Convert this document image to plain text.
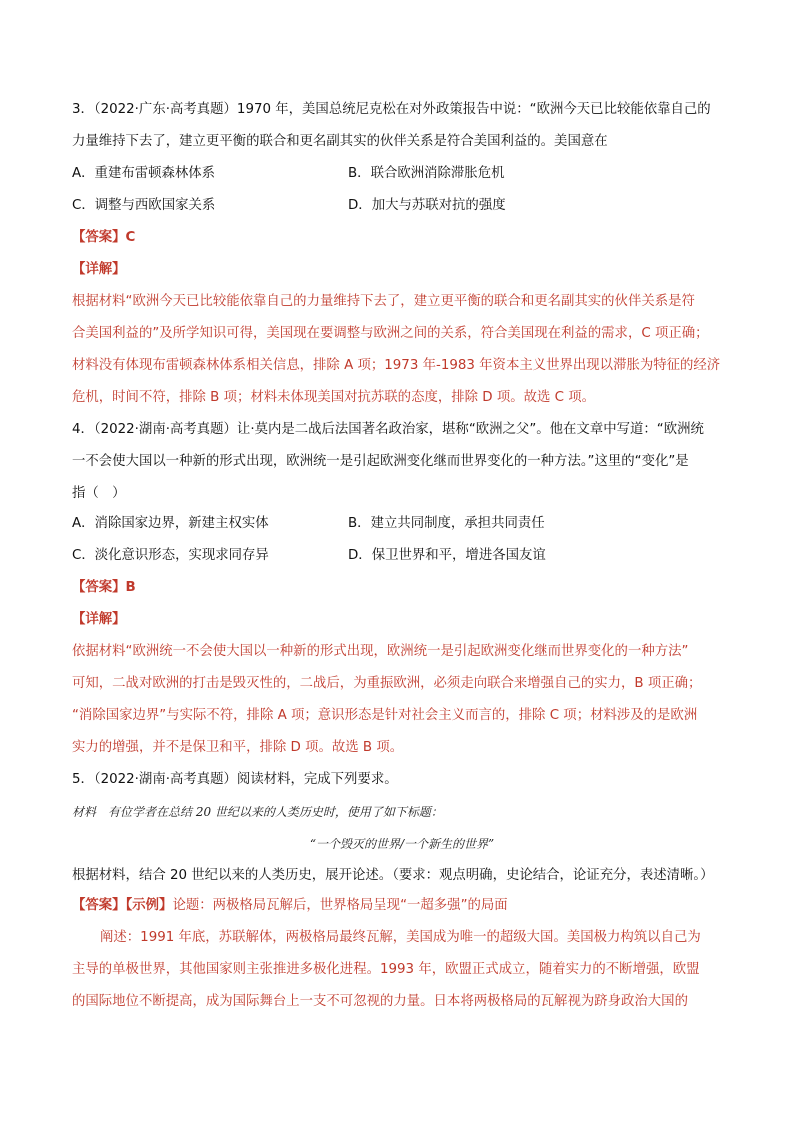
3．（2022·广东·高考真题）1970 年，美国总统尼克松在对外政策报告中说：“欧洲今天已比较能依靠自己的
力量维持下去了，建立更平衡的联合和更名副其实的伙伴关系是符合美国利益的。美国意在
A．重建布雷顿森林体系	B．联合欧洲消除滞胀危机
C．调整与西欧国家关系	D．加大与苏联对抗的强度
【答案】C
【详解】
根据材料“欧洲今天已比较能依靠自己的力量维持下去了，建立更平衡的联合和更名副其实的伙伴关系是符
合美国利益的”及所学知识可得，美国现在要调整与欧洲之间的关系，符合美国现在利益的需求，C 项正确；
材料没有体现布雷顿森林体系相关信息，排除 A 项；1973 年-1983 年资本主义世界出现以滞胀为特征的经济
危机，时间不符，排除 B 项；材料未体现美国对抗苏联的态度，排除 D 项。故选 C 项。
4．（2022·湖南·高考真题）让·莫内是二战后法国著名政治家，堪称“欧洲之父”。他在文章中写道：“欧洲统
一不会使大国以一种新的形式出现，欧洲统一是引起欧洲变化继而世界变化的一种方法。”这里的“变化”是
指（　）
A．消除国家边界，新建主权实体	B．建立共同制度，承担共同责任
C．淡化意识形态，实现求同存异	D．保卫世界和平，增进各国友谊
【答案】B
【详解】
依据材料“欧洲统一不会使大国以一种新的形式出现，欧洲统一是引起欧洲变化继而世界变化的一种方法”
可知，二战对欧洲的打击是毁灭性的，二战后，为重振欧洲，必须走向联合来增强自己的实力，B 项正确；
“消除国家边界”与实际不符，排除 A 项；意识形态是针对社会主义而言的，排除 C 项；材料涉及的是欧洲
实力的增强，并不是保卫和平，排除 D 项。故选 B 项。
5．（2022·湖南·高考真题）阅读材料，完成下列要求。
材料　有位学者在总结 20 世纪以来的人类历史时，使用了如下标题：
“一个毁灭的世界/一个新生的世界”
根据材料，结合 20 世纪以来的人类历史，展开论述。（要求：观点明确，史论结合，论证充分，表述清晰。）
【答案】【示例】论题：两极格局瓦解后，世界格局呈现“一超多强”的局面
阐述：1991 年底，苏联解体，两极格局最终瓦解，美国成为唯一的超级大国。美国极力构筑以自己为
主导的单极世界，其他国家则主张推进多极化进程。1993 年，欧盟正式成立，随着实力的不断增强，欧盟
的国际地位不断提高，成为国际舞台上一支不可忽视的力量。日本将两极格局的瓦解视为跻身政治大国的
